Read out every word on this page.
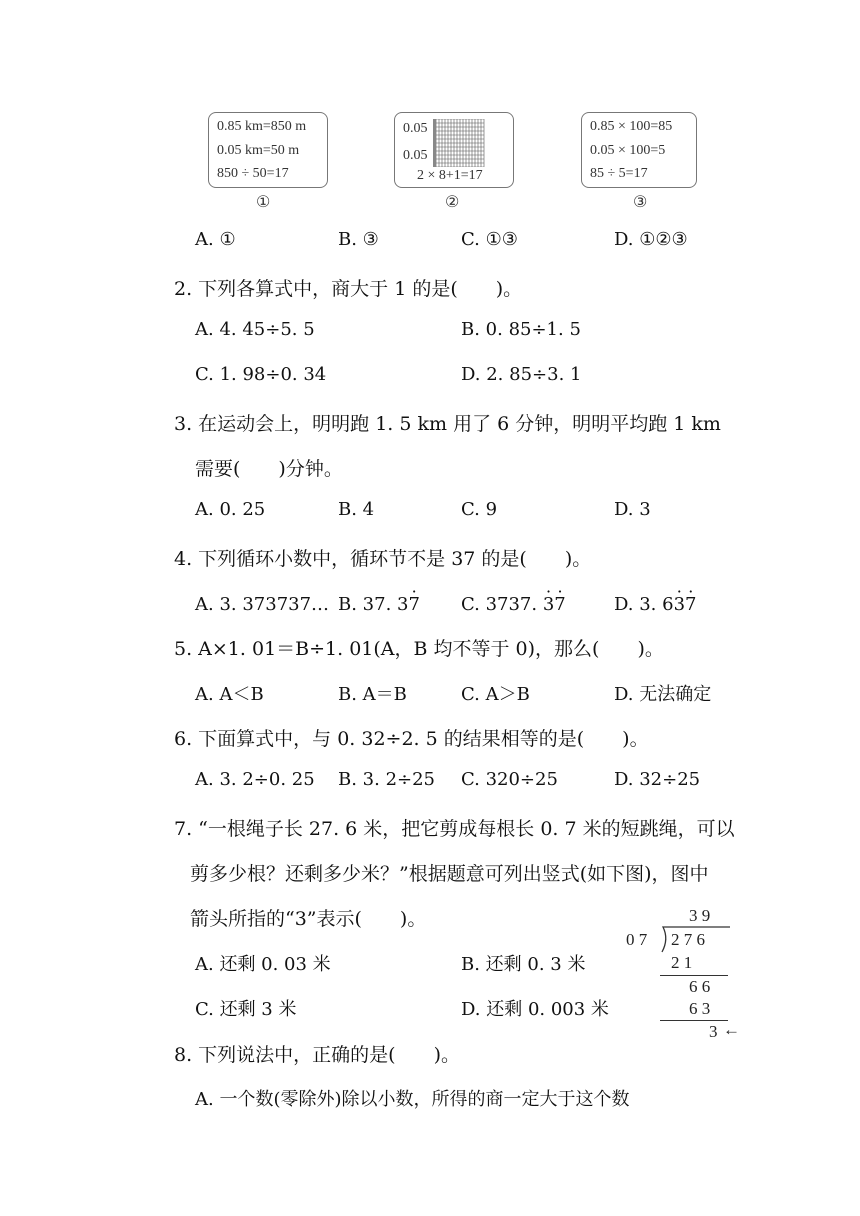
0.85 km=850 m
0.05 km=50 m
850 ÷ 50=17
①
0.05
0.05
2 × 8+1=17
②
0.85 × 100=85
0.05 × 100=5
85 ÷ 5=17
③
A. ①	B. ③	C. ①③	D. ①②③
2. 下列各算式中，商大于 1 的是(　　)。
A. 4. 45÷5. 5	B. 0. 85÷1. 5
C. 1. 98÷0. 34	D. 2. 85÷3. 1
3. 在运动会上，明明跑 1. 5 km 用了 6 分钟，明明平均跑 1 km
需要(　　)分钟。
A. 0. 25	B. 4	C. 9	D. 3
4. 下列循环小数中，循环节不是 37 的是(　　)。
A. 3. 373737… B. 37. 37 · C. 3737. 3 ·7 ·	D. 3. 63 ·7 ·
5. A×1. 01＝B÷1. 01(A，B 均不等于 0)，那么(　　)。
A. A＜B	B. A＝B	C. A＞B	D. 无法确定
6. 下面算式中，与 0. 32÷2. 5 的结果相等的是(　　)。
A. 3. 2÷0. 25 B. 3. 2÷25 C. 320÷25	D. 32÷25
7. “一根绳子长 27. 6 米，把它剪成每根长 0. 7 米的短跳绳，可以
剪多少根？还剩多少米？”根据题意可列出竖式(如下图)，图中
箭头所指的“3”表示(　　)。
A. 还剩 0. 03 米	B. 还剩 0. 3 米
C. 还剩 3 米	D. 还剩 0. 003 米
3 9
0 7 2 7 6
2 1
6 6
6 3
3 ←
8. 下列说法中，正确的是(　　)。
A. 一个数(零除外)除以小数，所得的商一定大于这个数
